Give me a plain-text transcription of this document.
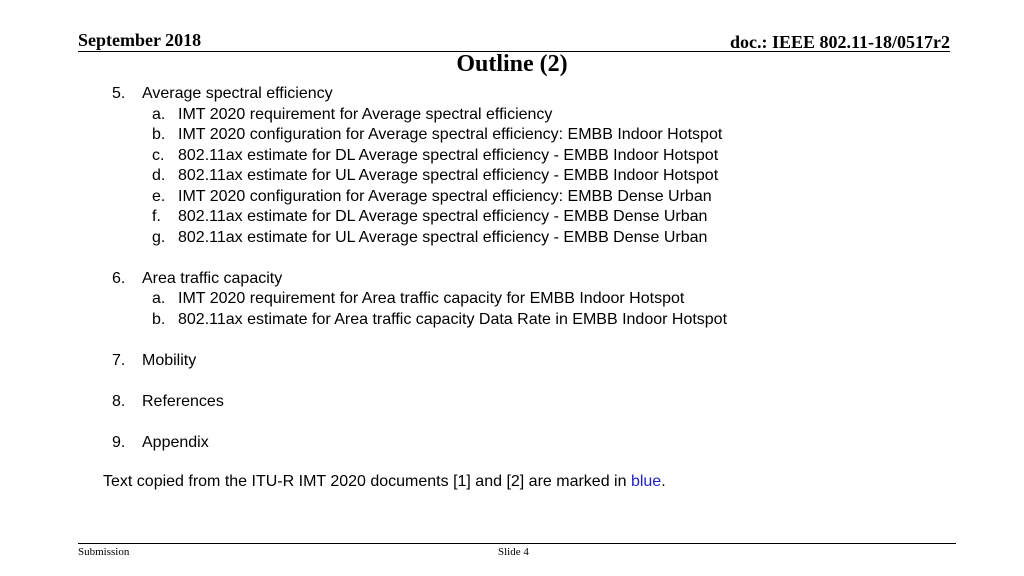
September 2018	doc.: IEEE 802.11-18/0517r2
Outline (2)
5. Average spectral efficiency
a. IMT 2020 requirement for Average spectral efficiency
b. IMT 2020 configuration for Average spectral efficiency: EMBB Indoor Hotspot
c. 802.11ax estimate for DL Average spectral efficiency - EMBB Indoor Hotspot
d. 802.11ax estimate for UL Average spectral efficiency - EMBB Indoor Hotspot
e. IMT 2020 configuration for Average spectral efficiency: EMBB Dense Urban
f. 802.11ax estimate for DL Average spectral efficiency - EMBB Dense Urban
g. 802.11ax estimate for UL Average spectral efficiency - EMBB Dense Urban
6. Area traffic capacity
a. IMT 2020 requirement for Area traffic capacity for EMBB Indoor Hotspot
b. 802.11ax estimate for Area traffic capacity Data Rate in EMBB Indoor Hotspot
7. Mobility
8. References
9. Appendix
Text copied from the ITU-R IMT 2020 documents [1] and [2] are marked in blue.
Submission	Slide 4
